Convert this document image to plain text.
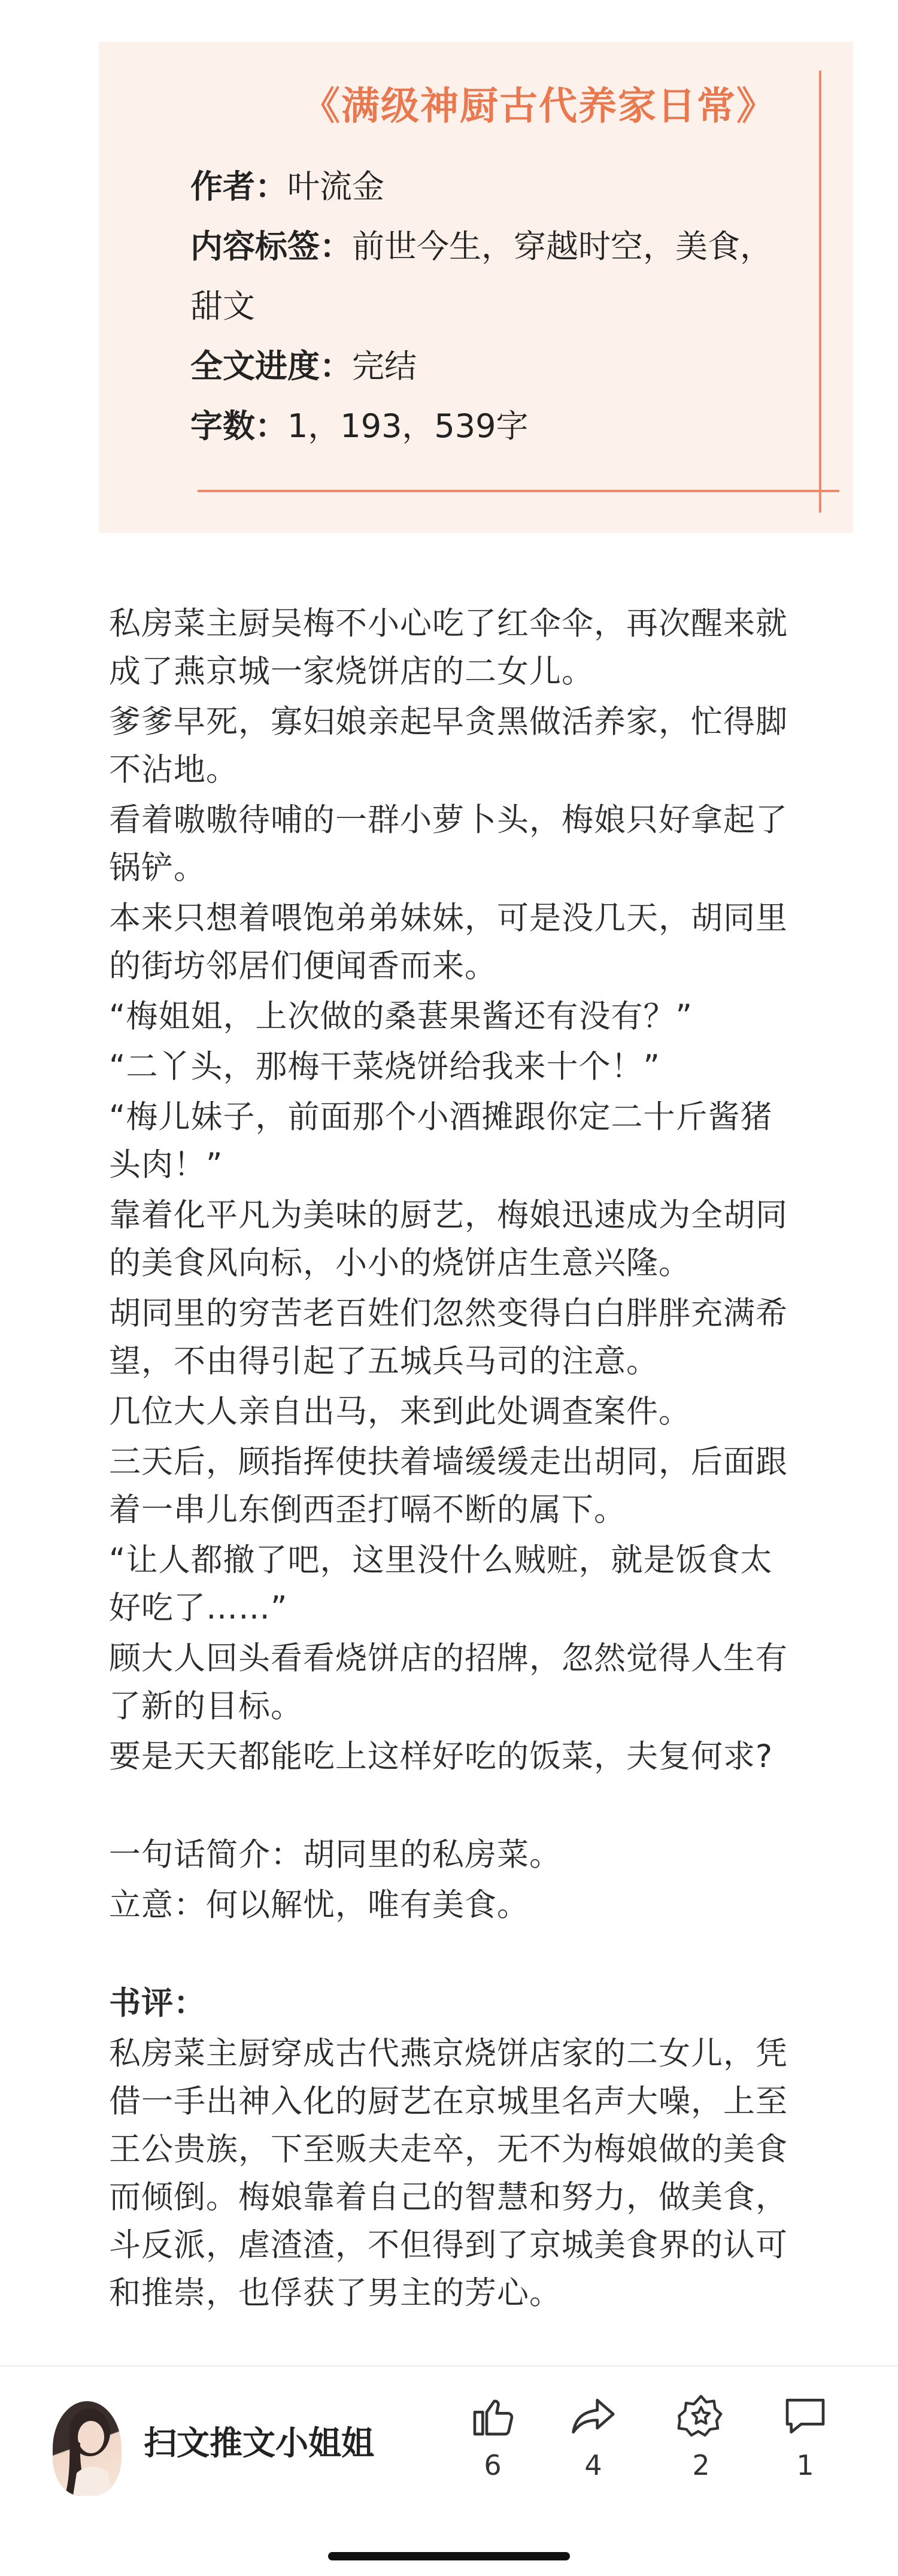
《满级神厨古代养家日常》
作者：叶流金
内容标签：前世今生，穿越时空，美食，甜文
全文进度：完结
字数：1，193，539字

私房菜主厨吴梅不小心吃了红伞伞，再次醒来就成了燕京城一家烧饼店的二女儿。

爹爹早死，寡妇娘亲起早贪黑做活养家，忙得脚不沾地。

看着嗷嗷待哺的一群小萝卜头，梅娘只好拿起了锅铲。

本来只想着喂饱弟弟妹妹，可是没几天，胡同里的街坊邻居们便闻香而来。

“梅姐姐，上次做的桑葚果酱还有没有？”

“二丫头，那梅干菜烧饼给我来十个！”

“梅儿妹子，前面那个小酒摊跟你定二十斤酱猪头肉！”

靠着化平凡为美味的厨艺，梅娘迅速成为全胡同的美食风向标，小小的烧饼店生意兴隆。

胡同里的穷苦老百姓们忽然变得白白胖胖充满希望，不由得引起了五城兵马司的注意。

几位大人亲自出马，来到此处调查案件。

三天后，顾指挥使扶着墙缓缓走出胡同，后面跟着一串儿东倒西歪打嗝不断的属下。

“让人都撤了吧，这里没什么贼赃，就是饭食太好吃了……”

顾大人回头看看烧饼店的招牌，忽然觉得人生有了新的目标。

要是天天都能吃上这样好吃的饭菜，夫复何求?

一句话简介：胡同里的私房菜。

立意：何以解忧，唯有美食。

书评：

私房菜主厨穿成古代燕京烧饼店家的二女儿，凭借一手出神入化的厨艺在京城里名声大噪，上至王公贵族，下至贩夫走卒，无不为梅娘做的美食而倾倒。梅娘靠着自己的智慧和努力，做美食，斗反派，虐渣渣，不但得到了京城美食界的认可和推崇，也俘获了男主的芳心。

扫文推文小姐姐
6	4	2	1
